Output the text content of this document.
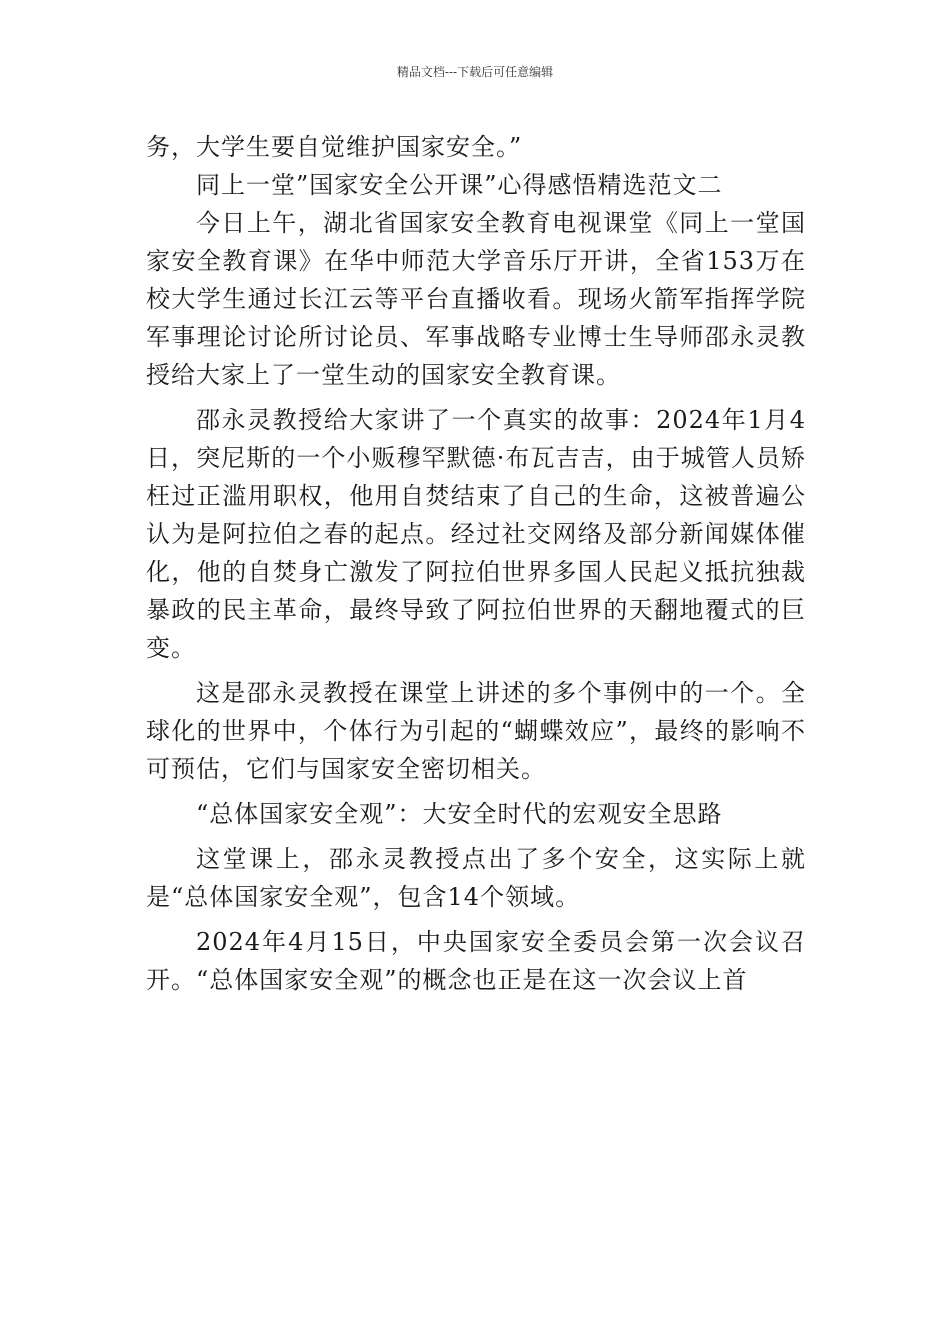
精品文档---下载后可任意编辑

务，大学生要自觉维护国家安全。”

同上一堂”国家安全公开课”心得感悟精选范文二

今日上午，湖北省国家安全教育电视课堂《同上一堂国家安全教育课》在华中师范大学音乐厅开讲，全省153万在校大学生通过长江云等平台直播收看。现场火箭军指挥学院军事理论讨论所讨论员、军事战略专业博士生导师邵永灵教授给大家上了一堂生动的国家安全教育课。

邵永灵教授给大家讲了一个真实的故事：2024年1月4日，突尼斯的一个小贩穆罕默德·布瓦吉吉，由于城管人员矫枉过正滥用职权，他用自焚结束了自己的生命，这被普遍公认为是阿拉伯之春的起点。经过社交网络及部分新闻媒体催化，他的自焚身亡激发了阿拉伯世界多国人民起义抵抗独裁暴政的民主革命，最终导致了阿拉伯世界的天翻地覆式的巨变。

这是邵永灵教授在课堂上讲述的多个事例中的一个。全球化的世界中，个体行为引起的“蝴蝶效应”，最终的影响不可预估，它们与国家安全密切相关。

“总体国家安全观”：大安全时代的宏观安全思路

这堂课上，邵永灵教授点出了多个安全，这实际上就是“总体国家安全观”，包含14个领域。

2024年4月15日，中央国家安全委员会第一次会议召开。“总体国家安全观”的概念也正是在这一次会议上首
